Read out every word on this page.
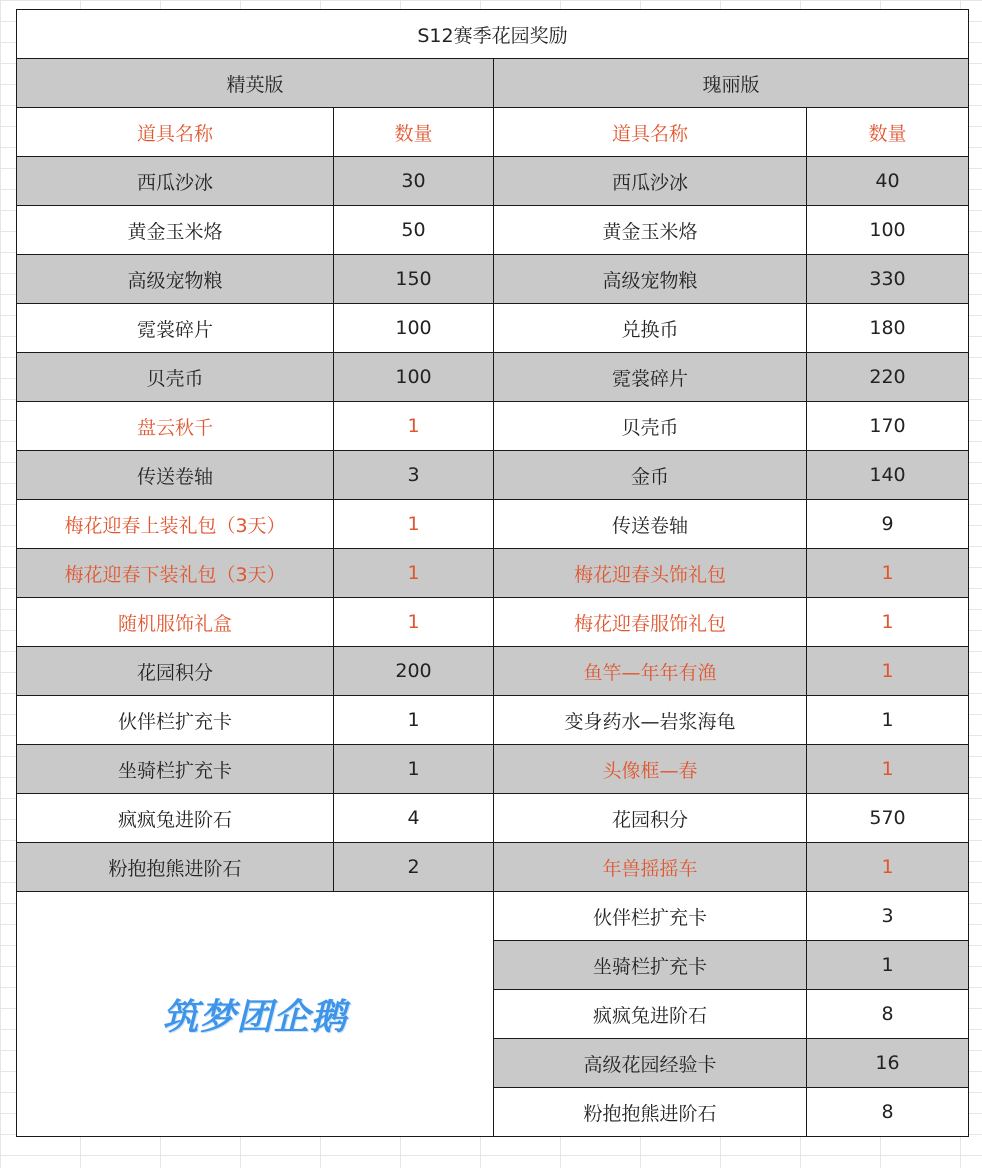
S12赛季花园奖励			
精英版		瑰丽版	
道具名称	数量	道具名称	数量
西瓜沙冰	30	西瓜沙冰	40
黄金玉米烙	50	黄金玉米烙	100
高级宠物粮	150	高级宠物粮	330
霓裳碎片	100	兑换币	180
贝壳币	100	霓裳碎片	220
盘云秋千	1	贝壳币	170
传送卷轴	3	金币	140
梅花迎春上装礼包（3天）	1	传送卷轴	9
梅花迎春下装礼包（3天）	1	梅花迎春头饰礼包	1
随机服饰礼盒	1	梅花迎春服饰礼包	1
花园积分	200	鱼竿—年年有渔	1
伙伴栏扩充卡	1	变身药水—岩浆海龟	1
坐骑栏扩充卡	1	头像框—春	1
疯疯兔进阶石	4	花园积分	570
粉抱抱熊进阶石	2	年兽摇摇车	1
筑梦团企鹅		伙伴栏扩充卡	3
		坐骑栏扩充卡	1
		疯疯兔进阶石	8
		高级花园经验卡	16
		粉抱抱熊进阶石	8
